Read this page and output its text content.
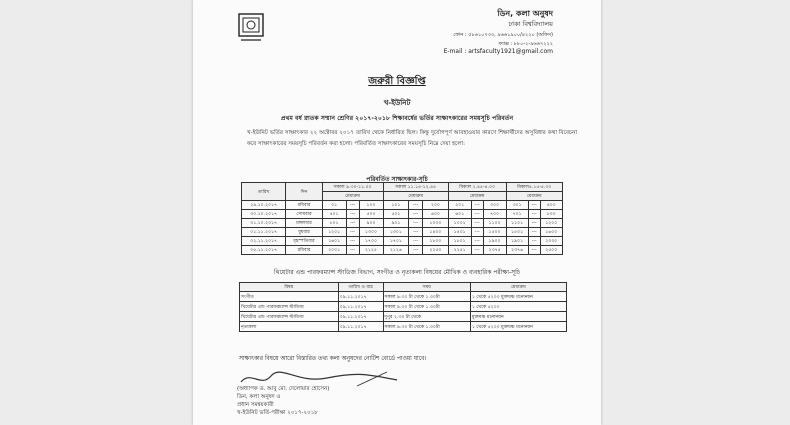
ডিন, কলা অনুষদ
ঢাকা বিশ্ববিদ্যালয়
ফোন : ৫৮৬১০৭৩৩, ৯৬৬১৯০০/৪২২০ (অফিস)
ফ্যাক্স : ৮৮০-২-৯৬৬৭২২২
E-mail : artsfaculty1921@gmail.com
জরুরী বিজ্ঞপ্তি
খ-ইউনিট
প্রথম বর্ষ স্নাতক সম্মান শ্রেণির ২০১৭-২০১৮ শিক্ষাবর্ষের ভর্তির সাক্ষাৎকারের সময়সূচি পরিবর্তন
খ-ইউনিট ভর্তির সাক্ষাৎকার ২২ অক্টোবর ২০১৭ তারিখ থেকে নির্ধারিত ছিল। কিন্তু দুর্যোগপূর্ণ আবহাওয়ার কারণে শিক্ষার্থীদের অসুবিধার কথা বিবেচনা করে সাক্ষাৎকারের সময়সূচি পরিবর্তন করা হলো। পরিবর্তিত সাক্ষাৎকারের সময়সূচি নিম্নে দেয়া হলো:
পরিবর্তিত সাক্ষাৎকার-সূচি
তারিখ	দিন	সকাল ৯.৩০-১১.০০			সকাল ১১.১৫-১২.৪৫			বিকাল ২.৪৫-৪.০০			বিকাল৪.১৫-৫.৩০		
		মেধাক্রম			মেধাক্রম			মেধাক্রম			মেধাক্রম		
২৯.১০.২০১৭	রবিবার	০১	---	১০০	১০১	---	২০০	২০১	---	৩০০	৩০১	---	৪০০
৩০.১০.২০১৭	সোমবার	৪০১	---	৫০০	৫০১	---	৬০০	৬০১	---	৭০০	৭০১	---	৮০০
৩১.১০.২০১৭	মঙ্গলবার	৮০১	---	৯০০	৯০১	---	১০০০	১০০১	---	১১০০	১১০১	---	১২০০
০১.১১.২০১৭	বুধবার	১২০১	---	১৩০০	১৩০১	---	১৪০০	১৪০১	---	১৫০০	১৫০১	---	১৬০০
০২.১১.২০১৭	বৃহস্পতিবার	১৬০১	---	১৭০০	১৭০১	---	১৮০০	১৮০১	---	১৯০০	১৯০১	---	২০০০
০৫.১১.২০১৭	রবিবার	২০০১	---	২১২৫	২১২৬	---	২২৫০	২২৫১	---	২৩৭৫	২৩৭৬	---	২৫০০
থিয়েটার এন্ড পারফরম্যান্স স্টাডিজ বিভাগ, সংগীত ও নৃত্যকলা বিষয়ের মৌখিক ও ব্যবহারিক পরীক্ষা-সূচি
বিষয়	তারিখ ও বার	সময়	মেধাক্রম
সংগীত	০৯.১১.২০১৭	সকাল ৯.৩০ টা থেকে ১.৩০টা	১ থেকে ৫২০০ মুক্তমঞ্চ মনোনয়ন
থিয়েটার এন্ড পারফরম্যান্স স্টাডিজ	০৯.১১.২০১৭	সকাল ৯.৩০ টা থেকে ১.৩০টা	১ থেকে ৫২০০
থিয়েটার এন্ড পারফরম্যান্স স্টাডিজ	০৯.১১.২০১৭	দুপুর ২.৩০ টা থেকে	মুক্তমঞ্চ মনোনয়ন
নৃত্যকলা	০৯.১১.২০১৭	সকাল ৯.৩০ টা থেকে ১.৩০টা	১ থেকে ৫২০০ মুক্তমঞ্চ মনোনয়ন
সাক্ষাৎকার বিষয়ে আরো বিস্তারিত তথ্য কলা অনুষদের নোটিশ বোর্ডে পাওয়া যাবে।
(অধ্যাপক ড. আবু মো: দেলোয়ার হোসেন)
ডিন, কলা অনুষদ ও
প্রধান সমন্বয়কারী
খ-ইউনিট ভর্তি-পরীক্ষা ২০১৭-২০১৮
